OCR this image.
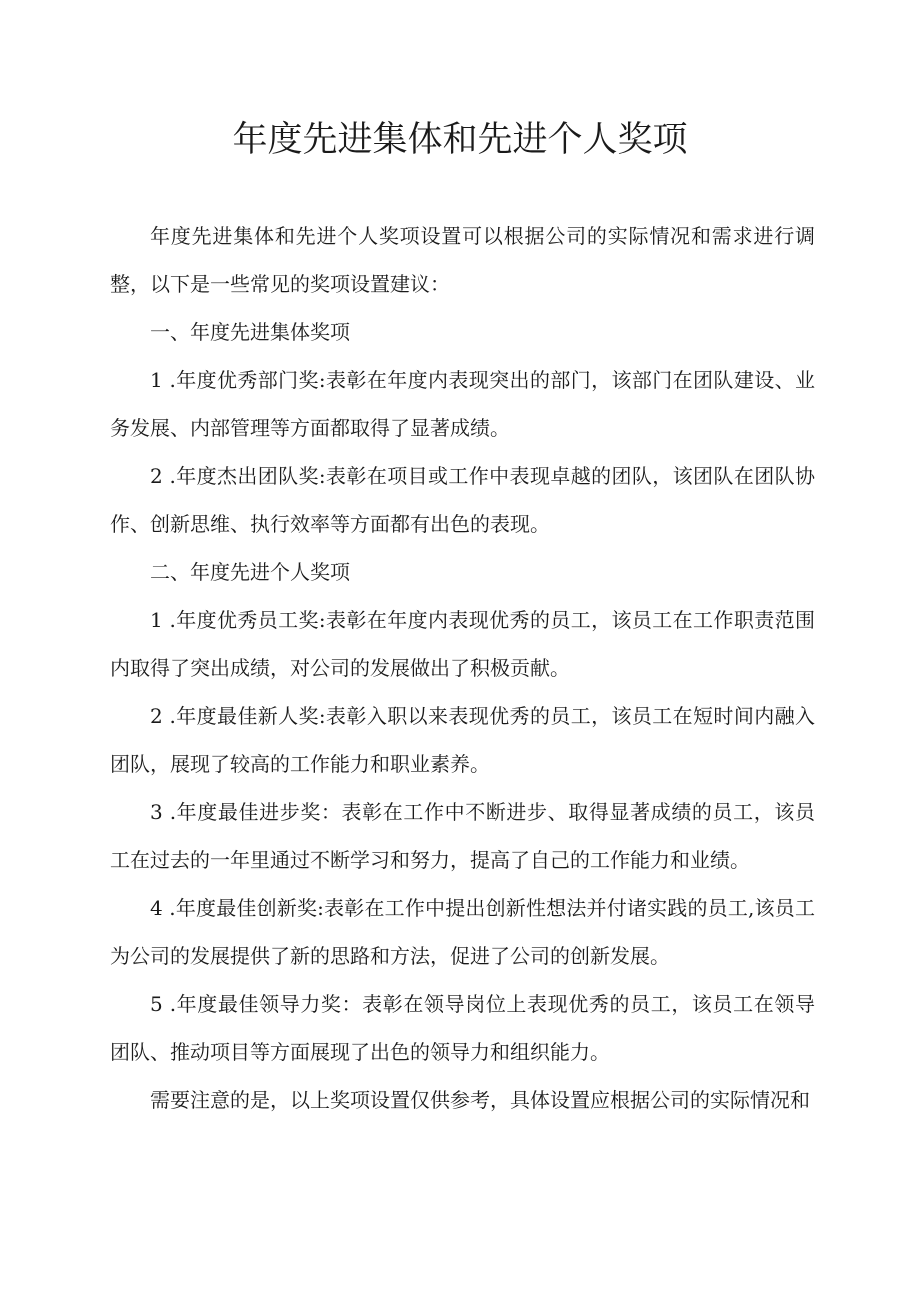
年度先进集体和先进个人奖项

年度先进集体和先进个人奖项设置可以根据公司的实际情况和需求进行调整，以下是一些常见的奖项设置建议：

一、年度先进集体奖项

1 .年度优秀部门奖:表彰在年度内表现突出的部门，该部门在团队建设、业务发展、内部管理等方面都取得了显著成绩。

2 .年度杰出团队奖:表彰在项目或工作中表现卓越的团队，该团队在团队协作、创新思维、执行效率等方面都有出色的表现。

二、年度先进个人奖项

1 .年度优秀员工奖:表彰在年度内表现优秀的员工，该员工在工作职责范围内取得了突出成绩，对公司的发展做出了积极贡献。

2 .年度最佳新人奖:表彰入职以来表现优秀的员工，该员工在短时间内融入团队，展现了较高的工作能力和职业素养。

3 .年度最佳进步奖：表彰在工作中不断进步、取得显著成绩的员工，该员工在过去的一年里通过不断学习和努力，提高了自己的工作能力和业绩。

4 .年度最佳创新奖:表彰在工作中提出创新性想法并付诸实践的员工,该员工为公司的发展提供了新的思路和方法，促进了公司的创新发展。

5 .年度最佳领导力奖：表彰在领导岗位上表现优秀的员工，该员工在领导团队、推动项目等方面展现了出色的领导力和组织能力。

需要注意的是，以上奖项设置仅供参考，具体设置应根据公司的实际情况和
